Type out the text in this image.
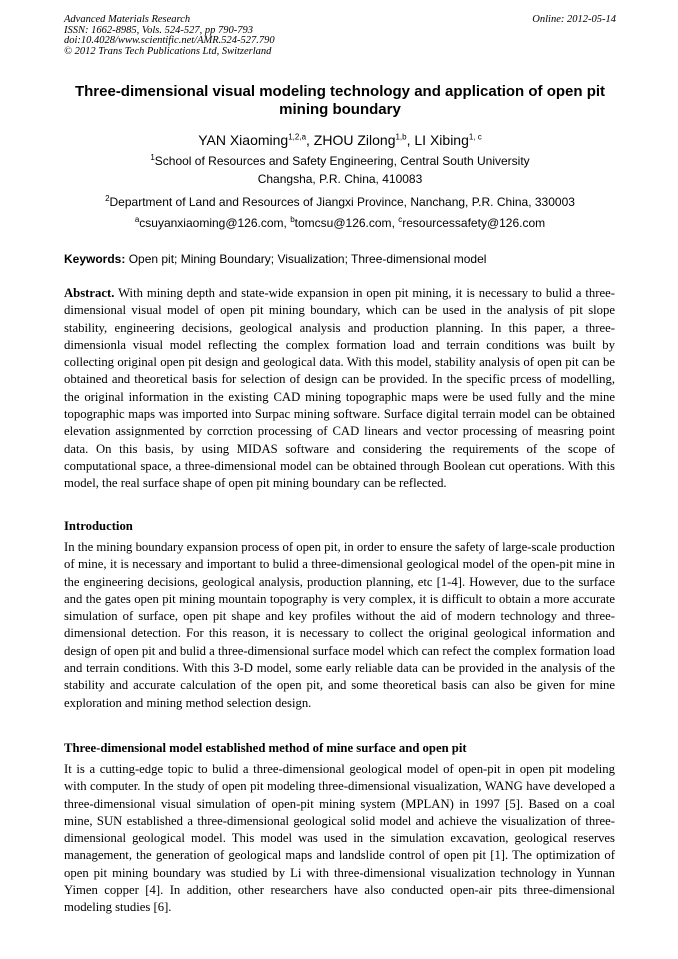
Advanced Materials Research
ISSN: 1662-8985, Vols. 524-527, pp 790-793
doi:10.4028/www.scientific.net/AMR.524-527.790
© 2012 Trans Tech Publications Ltd, Switzerland
Online: 2012-05-14
Three-dimensional visual modeling technology and application of open pit mining boundary
YAN Xiaoming$^{1,2,a}$, ZHOU Zilong$^{1,b}$, LI Xibing$^{1, c}$
$^1$School of Resources and Safety Engineering, Central South University
Changsha, P.R. China, 410083
$^2$Department of Land and Resources of Jiangxi Province, Nanchang, P.R. China, 330003
$^a$csuyanxiaoming@126.com, $^b$tomcsu@126.com, $^c$resourcessafety@126.com
Keywords: Open pit; Mining Boundary; Visualization; Three-dimensional model
Abstract. With mining depth and state-wide expansion in open pit mining, it is necessary to bulid a three-dimensional visual model of open pit mining boundary, which can be used in the analysis of pit slope stability, engineering decisions, geological analysis and production planning. In this paper, a three-dimensionla visual model reflecting the complex formation load and terrain conditions was built by collecting original open pit design and geological data. With this model, stability analysis of open pit can be obtained and theoretical basis for selection of design can be provided. In the specific prcess of modelling, the original information in the existing CAD mining topographic maps were be used fully and the mine topographic maps was imported into Surpac mining software. Surface digital terrain model can be obtained elevation assignmented by corrction processing of CAD linears and vector processing of measring point data. On this basis, by using MIDAS software and considering the requirements of the scope of computational space, a three-dimensional model can be obtained through Boolean cut operations. With this model, the real surface shape of open pit mining boundary can be reflected.
Introduction
In the mining boundary expansion process of open pit, in order to ensure the safety of large-scale production of mine, it is necessary and important to bulid a three-dimensional geological model of the open-pit mine in the engineering decisions, geological analysis, production planning, etc [1-4]. However, due to the surface and the gates open pit mining mountain topography is very complex, it is difficult to obtain a more accurate simulation of surface, open pit shape and key profiles without the aid of modern technology and three-dimensional detection. For this reason, it is necessary to collect the original geological information and design of open pit and bulid a three-dimensional surface model which can refect the complex formation load and terrain conditions. With this 3-D model, some early reliable data can be provided in the analysis of the stability and accurate calculation of the open pit, and some theoretical basis can also be given for mine exploration and mining method selection design.
Three-dimensional model established method of mine surface and open pit
It is a cutting-edge topic to bulid a three-dimensional geological model of open-pit in open pit modeling with computer. In the study of open pit modeling three-dimensional visualization, WANG have developed a three-dimensional visual simulation of open-pit mining system (MPLAN) in 1997 [5]. Based on a coal mine, SUN established a three-dimensional geological solid model and achieve the visualization of three-dimensional geological model. This model was used in the simulation excavation, geological reserves management, the generation of geological maps and landslide control of open pit [1]. The optimization of open pit mining boundary was studied by Li with three-dimensional visualization technology in Yunnan Yimen copper [4]. In addition, other researchers have also conducted open-air pits three-dimensional modeling studies [6].
